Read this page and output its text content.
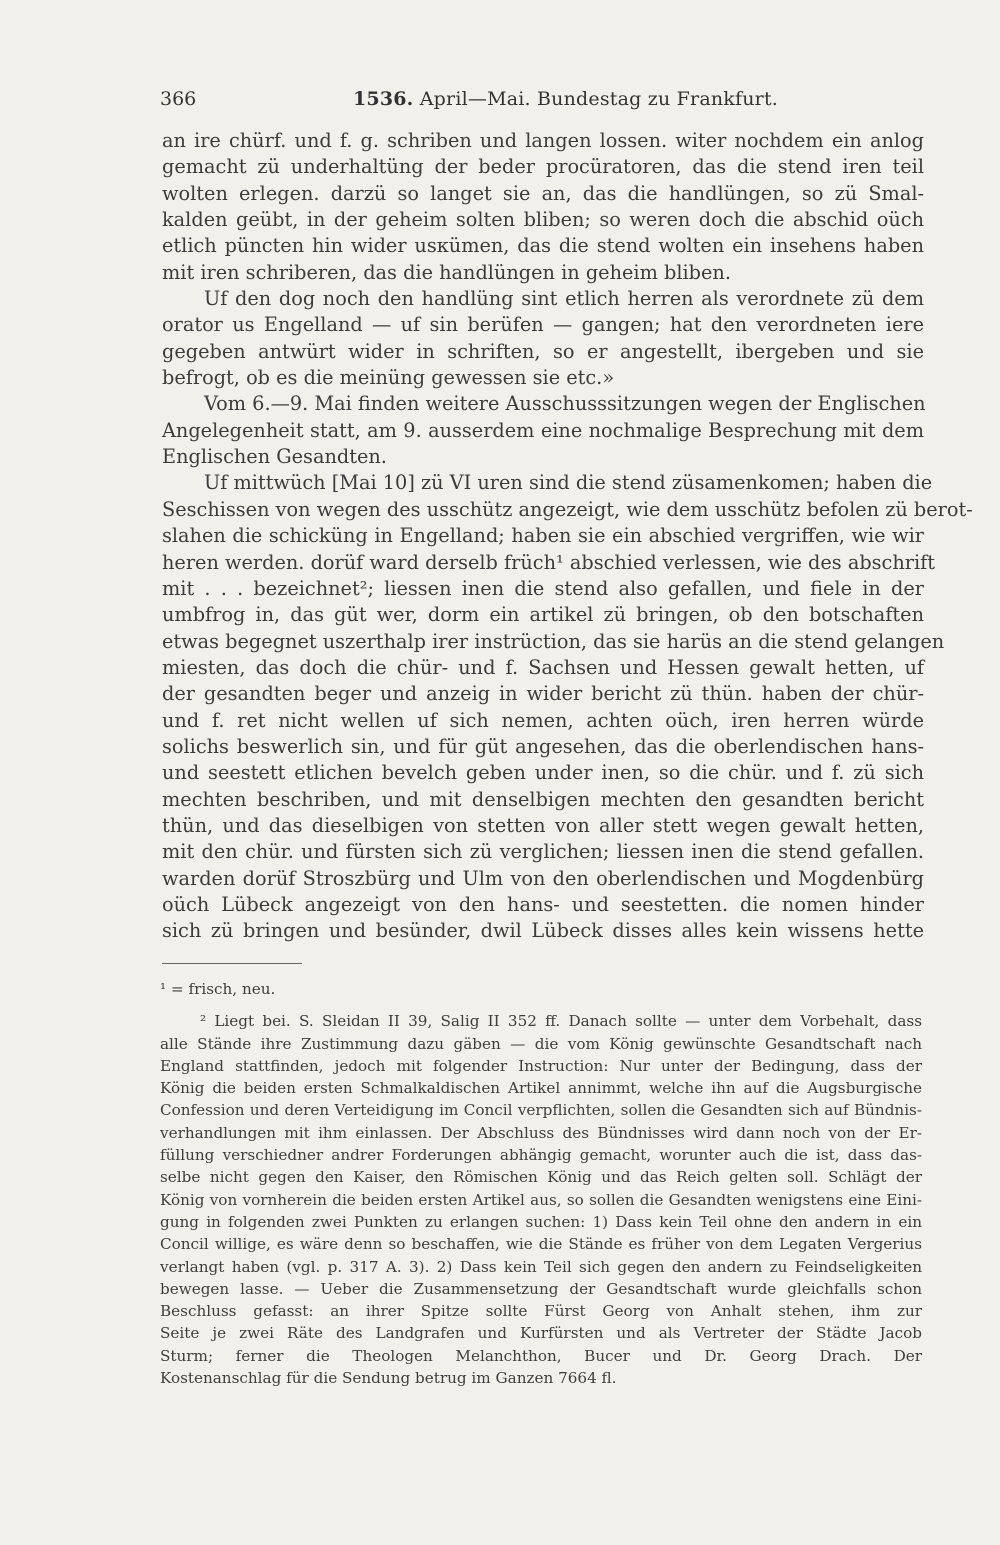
366	1536. April—Mai. Bundestag zu Frankfurt.
an ire chürf. und f. g. schriben und langen lossen. witer nochdem ein anlog
gemacht zü underhaltüng der beder procüratoren, das die stend iren teil
wolten erlegen. darzü so langet sie an, das die handlüngen, so zü Smal-
kalden geübt, in der geheim solten bliben; so weren doch die abschid oüch
etlich püncten hin wider usкümen, das die stend wolten ein insehens haben
mit iren schriberen, das die handlüngen in geheim bliben.
Uf den dog noch den handlüng sint etlich herren als verordnete zü dem
orator us Engelland — uf sin berüfen — gangen; hat den verordneten iere
gegeben antwürt wider in schriften, so er angestellt, ibergeben und sie
befrogt, ob es die meinüng gewessen sie etc.»
Vom 6.—9. Mai finden weitere Ausschusssitzungen wegen der Englischen
Angelegenheit statt, am 9. ausserdem eine nochmalige Besprechung mit dem
Englischen Gesandten.
Uf mittwüch [Mai 10] zü VI uren sind die stend züsamenkomen; haben die
Seschissen von wegen des usschütz angezeigt, wie dem usschütz befolen zü berot-
slahen die schicküng in Engelland; haben sie ein abschied vergriffen, wie wir
heren werden. dorüf ward derselb früch¹ abschied verlessen, wie des abschrift
mit . . . bezeichnet²; liessen inen die stend also gefallen, und fiele in der
umbfrog in, das güt wer, dorm ein artikel zü bringen, ob den botschaften
etwas begegnet uszerthalp irer instrüction, das sie harüs an die stend gelangen
miesten, das doch die chür- und f. Sachsen und Hessen gewalt hetten, uf
der gesandten beger und anzeig in wider bericht zü thün. haben der chür-
und f. ret nicht wellen uf sich nemen, achten oüch, iren herren würde
solichs beswerlich sin, und für güt angesehen, das die oberlendischen hans-
und seestett etlichen bevelch geben under inen, so die chür. und f. zü sich
mechten beschriben, und mit denselbigen mechten den gesandten bericht
thün, und das dieselbigen von stetten von aller stett wegen gewalt hetten,
mit den chür. und fürsten sich zü verglichen; liessen inen die stend gefallen.
warden dorüf Stroszbürg und Ulm von den oberlendischen und Mogdenbürg
oüch Lübeck angezeigt von den hans- und seestetten. die nomen hinder
sich zü bringen und besünder, dwil Lübeck disses alles kein wissens hette
¹ = frisch, neu.
² Liegt bei. S. Sleidan II 39, Salig II 352 ff. Danach sollte — unter dem Vorbehalt, dass
alle Stände ihre Zustimmung dazu gäben — die vom König gewünschte Gesandtschaft nach
England stattfinden, jedoch mit folgender Instruction: Nur unter der Bedingung, dass der
König die beiden ersten Schmalkaldischen Artikel annimmt, welche ihn auf die Augsburgische
Confession und deren Verteidigung im Concil verpflichten, sollen die Gesandten sich auf Bündnis-
verhandlungen mit ihm einlassen. Der Abschluss des Bündnisses wird dann noch von der Er-
füllung verschiedner andrer Forderungen abhängig gemacht, worunter auch die ist, dass das-
selbe nicht gegen den Kaiser, den Römischen König und das Reich gelten soll. Schlägt der
König von vornherein die beiden ersten Artikel aus, so sollen die Gesandten wenigstens eine Eini-
gung in folgenden zwei Punkten zu erlangen suchen: 1) Dass kein Teil ohne den andern in ein
Concil willige, es wäre denn so beschaffen, wie die Stände es früher von dem Legaten Vergerius
verlangt haben (vgl. p. 317 A. 3). 2) Dass kein Teil sich gegen den andern zu Feindseligkeiten
bewegen lasse. — Ueber die Zusammensetzung der Gesandtschaft wurde gleichfalls schon
Beschluss gefasst: an ihrer Spitze sollte Fürst Georg von Anhalt stehen, ihm zur
Seite je zwei Räte des Landgrafen und Kurfürsten und als Vertreter der Städte Jacob
Sturm; ferner die Theologen Melanchthon, Bucer und Dr. Georg Drach. Der
Kostenanschlag für die Sendung betrug im Ganzen 7664 fl.
